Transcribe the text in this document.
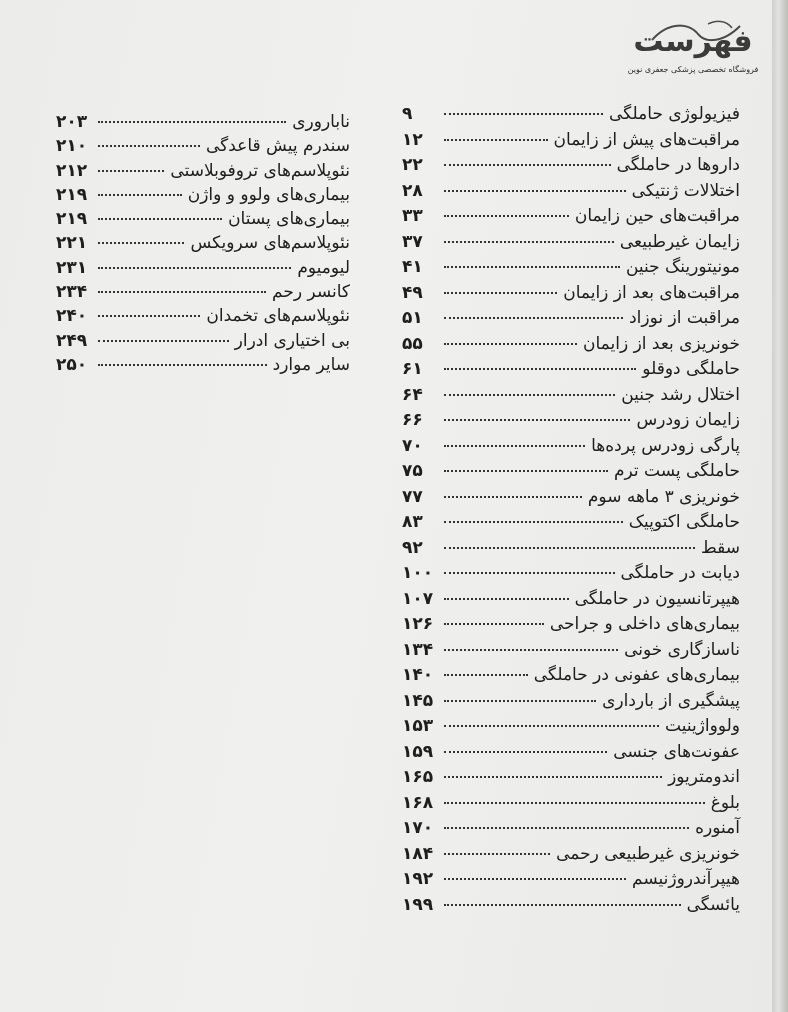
فهرست
فروشگاه تخصصی پزشکی جعفری نوین
فیزیولوژی حاملگی
۹
مراقبت‌های پیش از زایمان
۱۲
داروها در حاملگی
۲۲
اختلالات ژنتیکی
۲۸
مراقبت‌های حین زایمان
۳۳
زایمان غیرطبیعی
۳۷
مونیتورینگ جنین
۴۱
مراقبت‌های بعد از زایمان
۴۹
مراقبت از نوزاد
۵۱
خونریزی بعد از زایمان
۵۵
حاملگی دوقلو
۶۱
اختلال رشد جنین
۶۴
زایمان زودرس
۶۶
پارگی زودرس پرده‌ها
۷۰
حاملگی پست ترم
۷۵
خونریزی ۳ ماهه سوم
۷۷
حاملگی اکتوپیک
۸۳
سقط
۹۲
دیابت در حاملگی
۱۰۰
هیپرتانسیون در حاملگی
۱۰۷
بیماری‌های داخلی و جراحی
۱۲۶
ناسازگاری خونی
۱۳۴
بیماری‌های عفونی در حاملگی
۱۴۰
پیشگیری از بارداری
۱۴۵
ولوواژینیت
۱۵۳
عفونت‌های جنسی
۱۵۹
اندومتریوز
۱۶۵
بلوغ
۱۶۸
آمنوره
۱۷۰
خونریزی غیرطبیعی رحمی
۱۸۴
هیپرآندروژنیسم
۱۹۲
یائسگی
۱۹۹
ناباروری
۲۰۳
سندرم پیش قاعدگی
۲۱۰
نئوپلاسم‌های تروفوبلاستی
۲۱۲
بیماری‌های ولوو و واژن
۲۱۹
بیماری‌های پستان
۲۱۹
نئوپلاسم‌های سرویکس
۲۲۱
لیومیوم
۲۳۱
کانسر رحم
۲۳۴
نئوپلاسم‌های تخمدان
۲۴۰
بی اختیاری ادرار
۲۴۹
سایر موارد
۲۵۰
